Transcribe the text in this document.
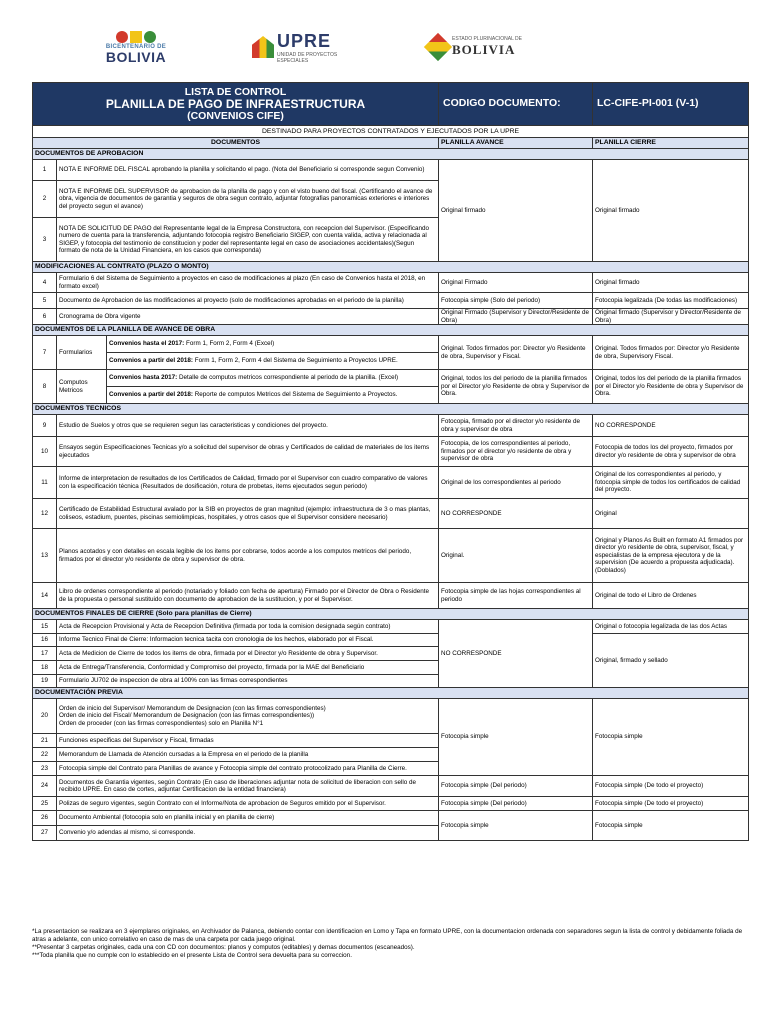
BICENTENARIO DE
BOLIVIA
UPRE
UNIDAD DE PROYECTOS ESPECIALES
ESTADO PLURINACIONAL DE
BOLIVIA
LISTA DE CONTROL
PLANILLA DE PAGO DE INFRAESTRUCTURA
(CONVENIOS CIFE)			CODIGO DOCUMENTO:	LC-CIFE-PI-001 (V-1)
DESTINADO PARA PROYECTOS CONTRATADOS Y EJECUTADOS POR LA UPRE				
DOCUMENTOS			PLANILLA AVANCE	PLANILLA CIERRE
DOCUMENTOS DE APROBACION				
1	NOTA E INFORME DEL FISCAL aprobando la planilla y solicitando el pago. (Nota del Beneficiario si corresponde segun Convenio)		Original firmado	Original firmado
2	NOTA E INFORME DEL SUPERVISOR de aprobacion de la planilla de pago y con el visto bueno del fiscal. (Certificando el avance de obra, vigencia de documentos de garantia y seguros de obra segun contrato, adjuntar fotografias panoramicas exteriores e interiores del proyecto segun el avance)			
3	NOTA DE SOLICITUD DE PAGO del Representante legal de la Empresa Constructora, con recepcion del Supervisor. (Especificando numero de cuenta para la transferencia, adjuntando fotocopia registro Beneficiario SIGEP, con cuenta valida, activa y relacionada al SIGEP, y fotocopia del testimonio de constitucion y poder del representante legal en caso de asociaciones accidentales)(Segun formato de nota de la Unidad Financiera, en los casos que corresponda)			
MODIFICACIONES AL CONTRATO (PLAZO O MONTO)				
4	Formulario 6 del Sistema de Seguimiento a proyectos en caso de modificaciones al plazo (En caso de Convenios hasta el 2018, en formato excel)		Original Firmado	Original firmado
5	Documento de Aprobacion de las modificaciones al proyecto (solo de modificaciones aprobadas en el periodo de la planilla)		Fotocopia simple (Solo del periodo)	Fotocopia legalizada (De todas las modificaciones)
6	Cronograma de Obra vigente		Original Firmado (Supervisor y Director/Residente de Obra)	Original firmado (Supervisor y Director/Residente de Obra)
DOCUMENTOS DE LA PLANILLA DE AVANCE DE OBRA				
7	Formularios	Convenios hasta el 2017: Form 1, Form 2, Form 4 (Excel)	Original. Todos firmados por: Director y/o Residente de obra, Supervisor y Fiscal.	Original. Todos firmados por: Director y/o Residente de obra, Supervisory Fiscal.
		Convenios a partir del 2018: Form 1, Form 2, Form 4 del Sistema de Seguimiento a Proyectos UPRE.		
8	Computos Metricos	Convenios hasta 2017: Detalle de computos metricos correspondiente al periodo de la planilla. (Excel)	Original, todos los del periodo de la planilla firmados por el Director y/o Residente de obra y Supervisor de Obra.	Original, todos los del periodo de la planilla firmados por el Director y/o Residente de obra y Supervisor de Obra.
		Convenios a partir del 2018: Reporte de computos Metricos del Sistema de Seguimiento a Proyectos.		
DOCUMENTOS TECNICOS				
9	Estudio de Suelos y otros que se requieren segun las caracteristicas y condiciones del proyecto.		Fotocopia, firmado por el director y/o residente de obra y supervisor de obra	NO CORRESPONDE
10	Ensayos según Especificaciones Tecnicas y/o a solicitud del supervisor de obras y Certificados de calidad de materiales de los items ejecutados		Fotocopia, de los correspondientes al periodo, firmados por el director y/o residente de obra y supervisor de obra	Fotocopia de todos los del proyecto, firmados por director y/o residente de obra y supervisor de obra
11	Informe de interpretacion de resultados de los Certificados de Calidad, firmado por el Supervisor con cuadro comparativo de valores con la especificación técnica (Resultados de dosificación, rotura de probetas, items ejecutados segun periodo)		Original de los correspondientes al periodo	Original de los correspondientes al periodo, y fotocopia simple de todos los certificados de calidad del proyecto.
12	Certificado de Estabilidad Estructural avalado por la SIB en proyectos de gran magnitud (ejemplo: infraestructura de 3 o mas plantas, coliseos, estadium, puentes, piscinas semiolimpicas, hospitales, y otros casos que el Supervisor considere necesario)		NO CORRESPONDE	Original
13	Planos acotados y con detalles en escala legible de los items por cobrarse, todos acorde a los computos metricos del periodo, firmados por el director y/o residente de obra y supervisor de obra.		Original.	Original y Planos As Built en formato A1 firmados por director y/o residente de obra, supervisor, fiscal, y especialistas de la empresa ejecutora y de la supervision (De acuerdo a propuesta adjudicada). (Doblados)
14	Libro de ordenes correspondiente al periodo (notariado y foliado con fecha de apertura) Firmado por el Director de Obra o Residente de la propuesta o personal sustituido con documento de aprobacion de la sustitucion, y por el Supervisor.		Fotocopia simple de las hojas correspondientes al periodo	Original de todo el Libro de Ordenes
DOCUMENTOS FINALES DE CIERRE (Solo para planillas de Cierre)				
15	Acta de Recepcion Provisional y Acta de Recepcion Definitiva (firmada por toda la comision designada según contrato)		NO CORRESPONDE	Original o fotocopia legalizada de las dos Actas
16	Informe Tecnico Final de Cierre: Informacion tecnica tacita con cronologia de los hechos, elaborado por el Fiscal.			Original, firmado y sellado
17	Acta de Medicion de Cierre de todos los items de obra, firmada por el Director y/o Residente de obra y Supervisor.			
18	Acta de Entrega/Transferencia, Conformidad y Compromiso del proyecto, firmada por la MAE del Beneficiario			
19	Formulario JU702 de inspeccion de obra al 100% con las firmas correspondientes			
DOCUMENTACIÓN PREVIA				
20	Orden de inicio del Supervisor/ Memorandum de Designacion (con las firmas correspondientes)
Orden de inicio del Fiscal/ Memorandum de Designacion (con las firmas correspondientes))
Orden de proceder (con las firmas correspondientes) solo en Planilla N°1		Fotocopia simple	Fotocopia simple
21	Funciones especificas del Supervisor y Fiscal, firmadas			
22	Memorandum de Llamada de Atención cursadas a la Empresa en el periodo de la planilla			
23	Fotocopia simple del Contrato para Planillas de avance y Fotocopia simple del contrato protocolizado para Planilla de Cierre.			
24	Documentos de Garantia vigentes, según Contrato (En caso de liberaciones adjuntar nota de solicitud de liberacion con sello de recibido UPRE. En caso de cortes, adjuntar Certificacion de la entidad financiera)		Fotocopia simple (Del periodo)	Fotocopia simple (De todo el proyecto)
25	Polizas de seguro vigentes, según Contrato con el Informe/Nota de aprobacion de Seguros emitido por el Supervisor.		Fotocopia simple (Del periodo)	Fotocopia simple (De todo el proyecto)
26	Documento Ambiental (fotocopia solo en planilla inicial y en planilla de cierre)		Fotocopia simple	Fotocopia simple
27	Convenio y/o adendas al mismo, si corresponde.			
*La presentacion se realizara en 3 ejemplares originales, en Archivador de Palanca, debiendo contar con identificacion en Lomo y Tapa en formato UPRE, con la documentacion ordenada con separadores segun la lista de control y debidamente foliada de atras a adelante, con unico correlativo en caso de mas de una carpeta por cada juego original.
**Presentar 3 carpetas originales, cada una con CD con documentos: planos y computos (editables) y demas documentos (escaneados).
***Toda planilla que no cumple con lo establecido en el presente Lista de Control sera devuelta para su correccion.
